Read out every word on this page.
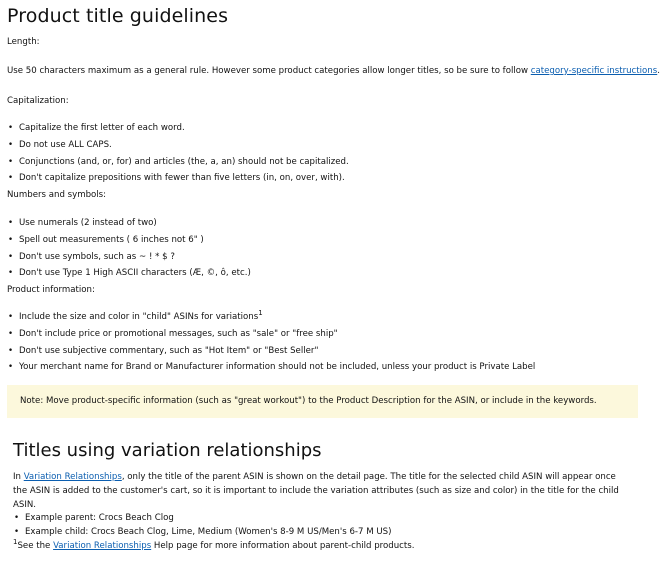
Product title guidelines
Length:
Use 50 characters maximum as a general rule. However some product categories allow longer titles, so be sure to follow category-specific instructions.
Capitalization:
• Capitalize the first letter of each word.
• Do not use ALL CAPS.
• Conjunctions (and, or, for) and articles (the, a, an) should not be capitalized.
• Don't capitalize prepositions with fewer than five letters (in, on, over, with).
Numbers and symbols:
• Use numerals (2 instead of two)
• Spell out measurements ( 6 inches not 6" )
• Don't use symbols, such as ~ ! * $ ?
• Don't use Type 1 High ASCII characters (Æ, ©, ô, etc.)
Product information:
• Include the size and color in "child" ASINs for variations$^1$
• Don't include price or promotional messages, such as "sale" or "free ship"
• Don't use subjective commentary, such as "Hot Item" or "Best Seller"
• Your merchant name for Brand or Manufacturer information should not be included, unless your product is Private Label
Note: Move product-specific information (such as "great workout") to the Product Description for the ASIN, or include in the keywords.
Titles using variation relationships
In Variation Relationships, only the title of the parent ASIN is shown on the detail page. The title for the selected child ASIN will appear once the ASIN is added to the customer's cart, so it is important to include the variation attributes (such as size and color) in the title for the child ASIN.
• Example parent: Crocs Beach Clog
• Example child: Crocs Beach Clog, Lime, Medium (Women's 8-9 M US/Men's 6-7 M US)
$^1$See the Variation Relationships Help page for more information about parent-child products.
